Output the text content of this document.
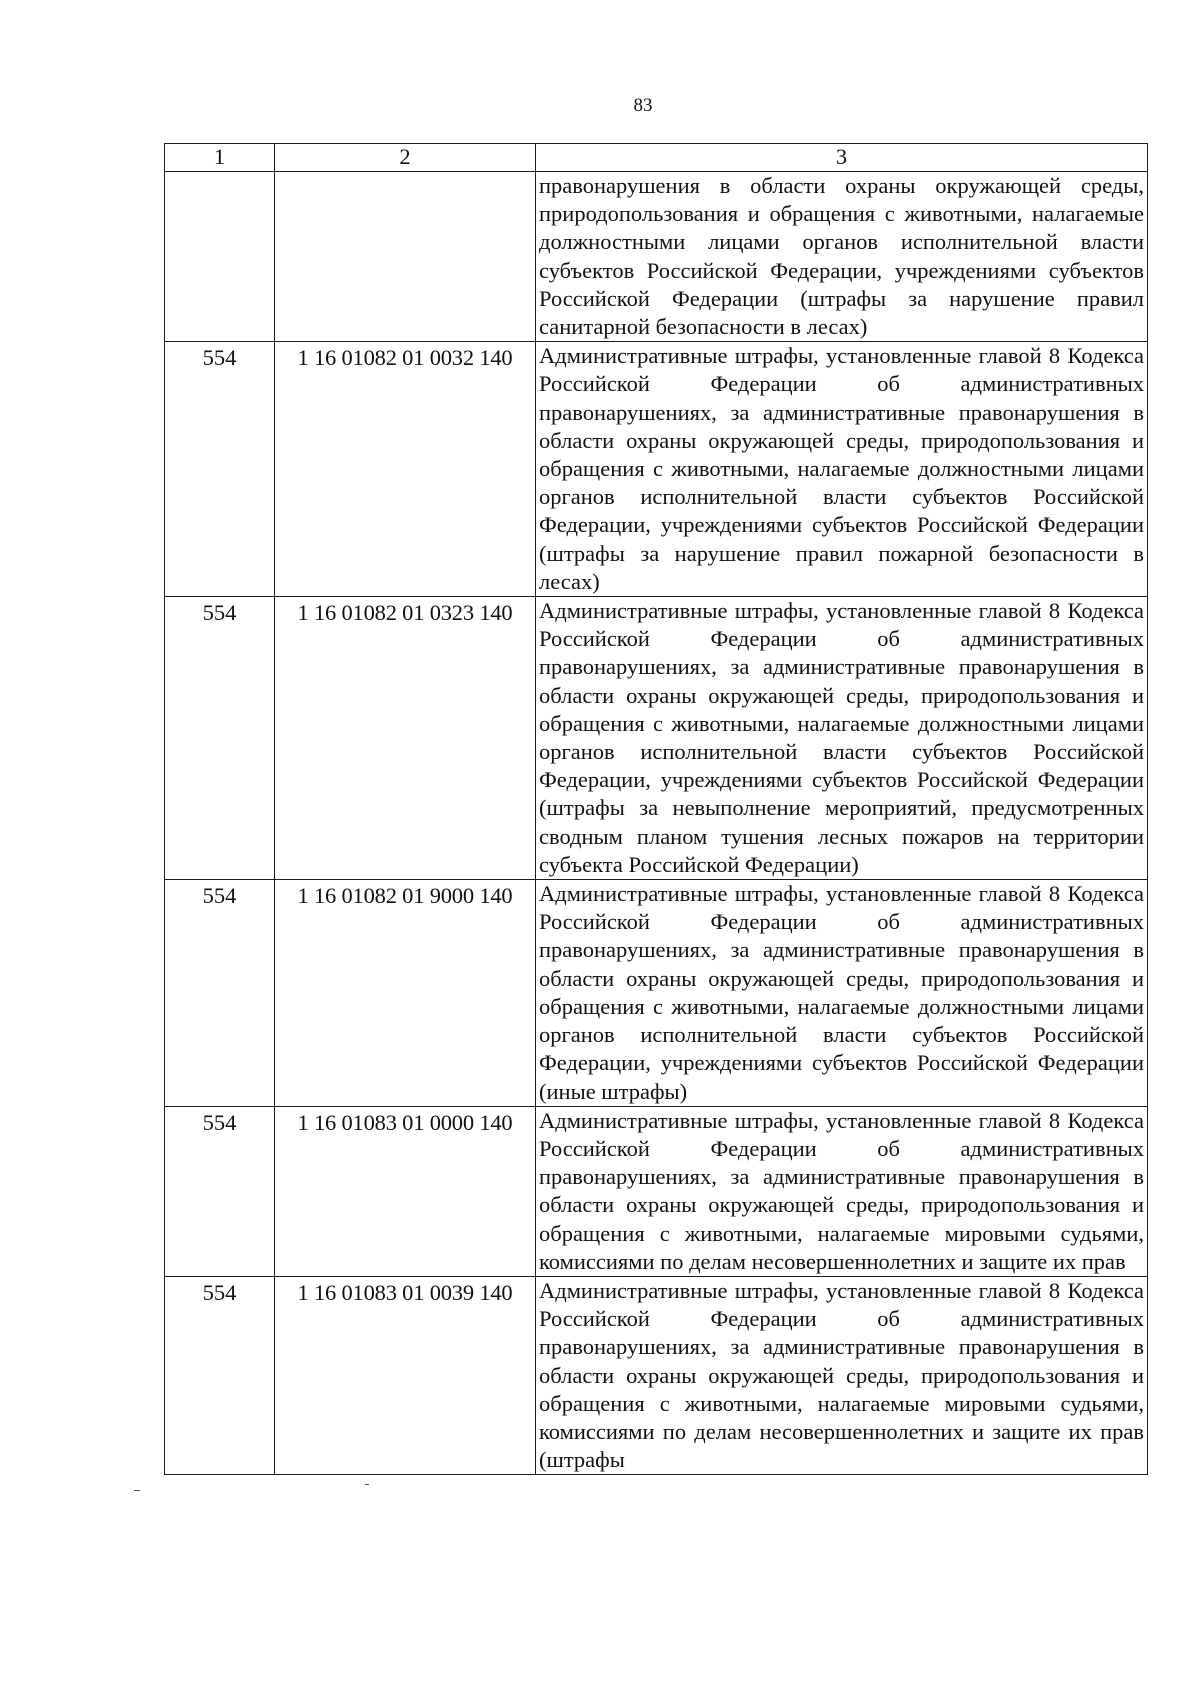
83
1	2	3
		правонарушения в области охраны окружающей среды, природопользования и обращения с животными, налагаемые должностными лицами органов исполнительной власти субъектов Российской Федерации, учреждениями субъектов Российской Федерации (штрафы за нарушение правил санитарной безопасности в лесах)
554	1 16 01082 01 0032 140	Административные штрафы, установленные главой 8 Кодекса Российской Федерации об административных правонарушениях, за административные правонарушения в области охраны окружающей среды, природопользования и обращения с животными, налагаемые должностными лицами органов исполнительной власти субъектов Российской Федерации, учреждениями субъектов Российской Федерации (штрафы за нарушение правил пожарной безопасности в лесах)
554	1 16 01082 01 0323 140	Административные штрафы, установленные главой 8 Кодекса Российской Федерации об административных правонарушениях, за административные правонарушения в области охраны окружающей среды, природопользования и обращения с животными, налагаемые должностными лицами органов исполнительной власти субъектов Российской Федерации, учреждениями субъектов Российской Федерации (штрафы за невыполнение мероприятий, предусмотренных сводным планом тушения лесных пожаров на территории субъекта Российской Федерации)
554	1 16 01082 01 9000 140	Административные штрафы, установленные главой 8 Кодекса Российской Федерации об административных правонарушениях, за административные правонарушения в области охраны окружающей среды, природопользования и обращения с животными, налагаемые должностными лицами органов исполнительной власти субъектов Российской Федерации, учреждениями субъектов Российской Федерации (иные штрафы)
554	1 16 01083 01 0000 140	Административные штрафы, установленные главой 8 Кодекса Российской Федерации об административных правонарушениях, за административные правонарушения в области охраны окружающей среды, природопользования и обращения с животными, налагаемые мировыми судьями, комиссиями по делам несовершеннолетних и защите их прав
554	1 16 01083 01 0039 140	Административные штрафы, установленные главой 8 Кодекса Российской Федерации об административных правонарушениях, за административные правонарушения в области охраны окружающей среды, природопользования и обращения с животными, налагаемые мировыми судьями, комиссиями по делам несовершеннолетних и защите их прав (штрафы
